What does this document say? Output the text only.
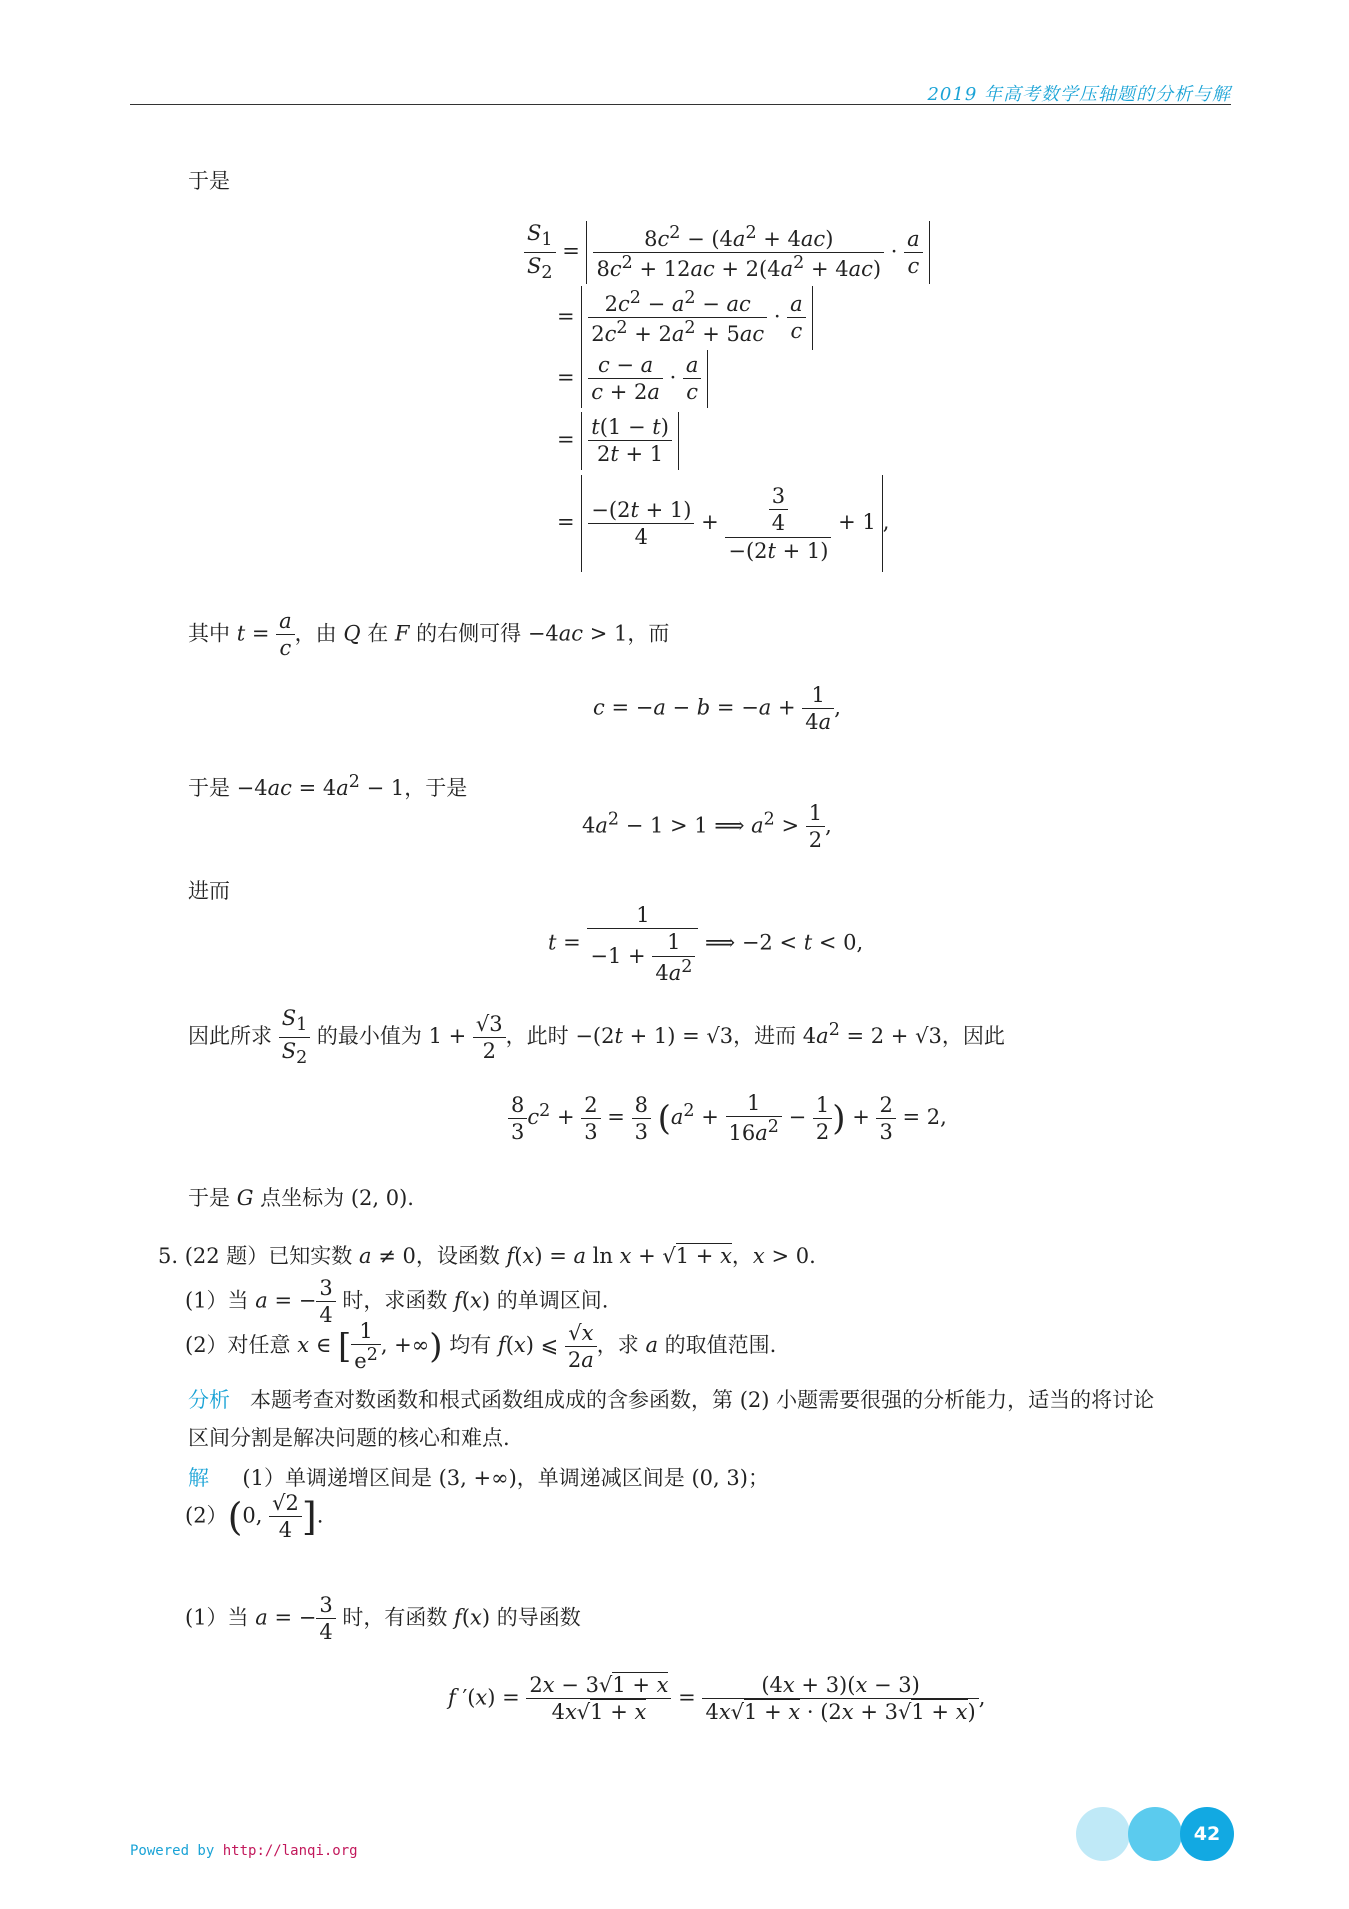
2019 年高考数学压轴题的分析与解
于是
$\frac{S_1}{S_2} = \frac{8c^2 - (4a^2 + 4ac)}{8c^2 + 12ac + 2(4a^2 + 4ac)} \cdot \frac{a}{c}$
= $\frac{2c^2 - a^2 - ac}{2c^2 + 2a^2 + 5ac} \cdot \frac{a}{c}$
= $\frac{c - a}{c + 2a} \cdot \frac{a}{c}$
= $\frac{t(1 - t)}{2t + 1}$
= $\frac{-(2t + 1)}{4} + \frac{\frac{3}{4}}{-(2t + 1)} + 1$ ,
其中 $t = \frac{a}{c}$ ，由 Q 在 F 的右侧可得 −4ac > 1，而
$c = -a - b = -a + \frac{1}{4a}$ ,
于是 $-4ac = 4a^2 - 1$，于是
$4a^2 - 1 > 1$ ⟹ $a^2 > \frac{1}{2}$ ,
进而
$t = \frac{1}{-1 + \frac{1}{4a^2}}$ ⟹ −2 < t < 0,
因此所求 $\frac{S_1}{S_2}$ 的最小值为 $1 + \frac{√3}{2}$ ，此时 −(2t + 1) = √3，进而 $4a^2 = 2 + √3$，因此
$\frac{8}{3} c^2 + \frac{2}{3} = \frac{8}{3} (a^2 + \frac{1}{16a^2} - \frac{1}{2}$ ) + $\frac{2}{3} = 2$,
于是 G 点坐标为 (2, 0).
5. (22 题）已知实数 a ≠ 0，设函数 f(x) = a ln x + √1 + x，x > 0.
(1）当 a = − $\frac{3}{4}$ 时，求函数 f(x) 的单调区间.
(2）对任意 x ∈ [ $\frac{1}{e^2}$ , +∞) 均有 f(x) ⩽ $\frac{√x}{2a}$ ，求 a 的取值范围.
分析 本题考查对数函数和根式函数组成成的含参函数，第 (2) 小题需要很强的分析能力，适当的将讨论
区间分割是解决问题的核心和难点.
解 (1）单调递增区间是 (3, +∞)，单调递减区间是 (0, 3)；
(2）(0, $\frac{√2}{4}$ ].
(1）当 a = − $\frac{3}{4}$ 时，有函数 f(x) 的导函数
f $'(x) = \frac{2x - 3√1 + x}{4x√1 + x} = \frac{(4x + 3)(x - 3)}{4x√1 + x \cdot (2x + 3√1 + x)}$ ,
Powered by http://lanqi.org
42
